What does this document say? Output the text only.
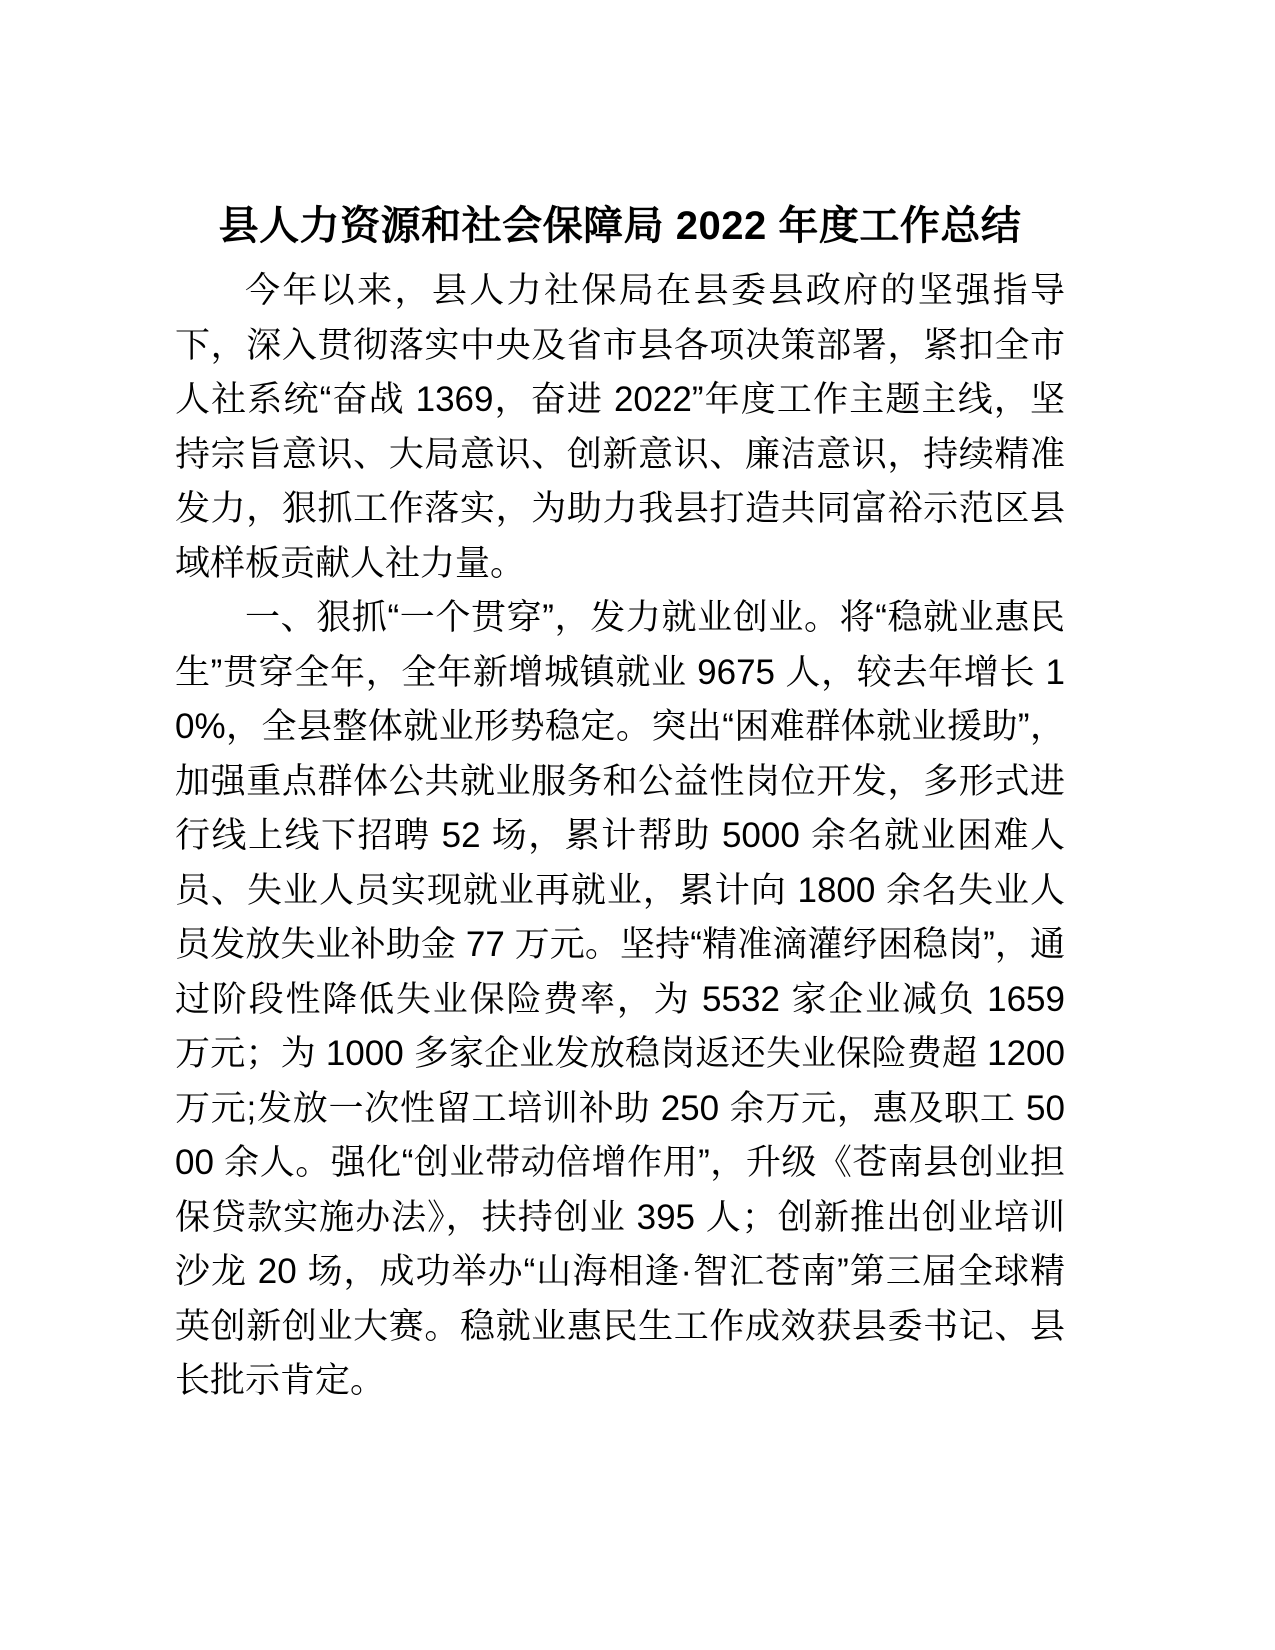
县人力资源和社会保障局 2022 年度工作总结

今年以来，县人力社保局在县委县政府的坚强指导下，深入贯彻落实中央及省市县各项决策部署，紧扣全市人社系统“奋战 1369，奋进 2022”年度工作主题主线，坚持宗旨意识、大局意识、创新意识、廉洁意识，持续精准发力，狠抓工作落实，为助力我县打造共同富裕示范区县域样板贡献人社力量。

一、狠抓“一个贯穿”，发力就业创业。将“稳就业惠民生”贯穿全年，全年新增城镇就业 9675 人，较去年增长 10%，全县整体就业形势稳定。突出“困难群体就业援助”，加强重点群体公共就业服务和公益性岗位开发，多形式进行线上线下招聘 52 场，累计帮助 5000 余名就业困难人员、失业人员实现就业再就业，累计向 1800 余名失业人员发放失业补助金 77 万元。坚持“精准滴灌纾困稳岗”，通过阶段性降低失业保险费率，为 5532 家企业减负 1659 万元；为 1000 多家企业发放稳岗返还失业保险费超 1200 万元;发放一次性留工培训补助 250 余万元，惠及职工 5000 余人。强化“创业带动倍增作用”，升级《苍南县创业担保贷款实施办法》，扶持创业 395 人；创新推出创业培训沙龙 20 场，成功举办“山海相逢·智汇苍南”第三届全球精英创新创业大赛。稳就业惠民生工作成效获县委书记、县长批示肯定。
